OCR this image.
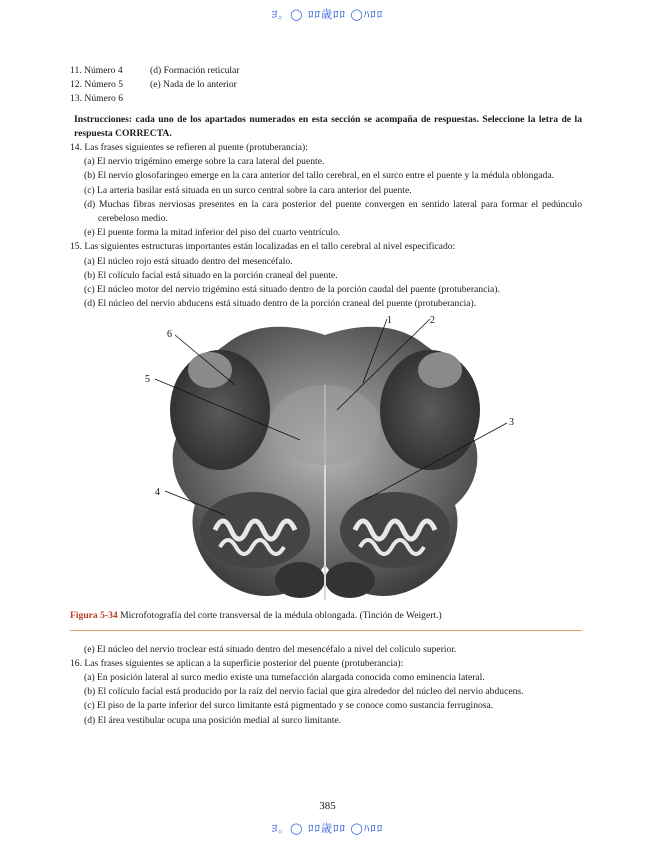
ﾖ。◯ ﾛﾛ歳ﾛﾛ ◯ﾊﾛﾛ
11. Número 4	(d) Formación reticular
12. Número 5	(e) Nada de lo anterior
13. Número 6

Instrucciones: cada uno de los apartados numerados en esta sección se acompaña de respuestas. Seleccione la letra de la respuesta CORRECTA.

14. Las frases siguientes se refieren al puente (protuberancia):

(a) El nervio trigémino emerge sobre la cara lateral del puente.
(b) El nervio glosofaríngeo emerge en la cara anterior del tallo cerebral, en el surco entre el puente y la médula oblongada.
(c) La arteria basilar está situada en un surco central sobre la cara anterior del puente.
(d) Muchas fibras nerviosas presentes en la cara posterior del puente convergen en sentido lateral para formar el pedúnculo cerebeloso medio.
(e) El puente forma la mitad inferior del piso del cuarto ventrículo.

15. Las siguientes estructuras importantes están localizadas en el tallo cerebral al nivel especificado:

(a) El núcleo rojo está situado dentro del mesencéfalo.
(b) El colículo facial está situado en la porción craneal del puente.
(c) El núcleo motor del nervio trigémino está situado dentro de la porción caudal del puente (protuberancia).
(d) El núcleo del nervio abducens está situado dentro de la porción craneal del puente (protuberancia).
1	2
3
4
5
6
Figura 5-34 Microfotografía del corte transversal de la médula oblongada. (Tinción de Weigert.)
(e) El núcleo del nervio troclear está situado dentro del mesencéfalo a nivel del colículo superior.

16. Las frases siguientes se aplican a la superficie posterior del puente (protuberancia):

(a) En posición lateral al surco medio existe una tumefacción alargada conocida como eminencia lateral.
(b) El colículo facial está producido por la raíz del nervio facial que gira alrededor del núcleo del nervio abducens.
(c) El piso de la parte inferior del surco limitante está pigmentado y se conoce como sustancia ferruginosa.
(d) El área vestibular ocupa una posición medial al surco limitante.
385
ﾖ。◯ ﾛﾛ歳ﾛﾛ ◯ﾊﾛﾛ
